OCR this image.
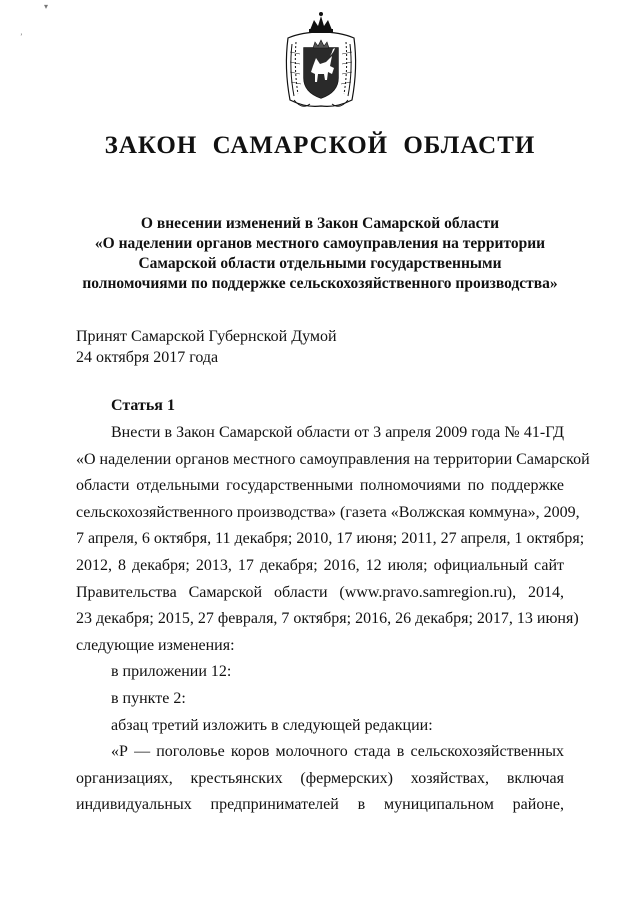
▾
ʼ
ЗАКОН САМАРСКОЙ ОБЛАСТИ
О внесении изменений в Закон Самарской области
«О наделении органов местного самоуправления на территории
Самарской области отдельными государственными
полномочиями по поддержке сельскохозяйственного производства»
Принят Самарской Губернской Думой
24 октября 2017 года
Статья 1
Внести в Закон Самарской области от 3 апреля 2009 года № 41-ГД
«О наделении органов местного самоуправления на территории Самарской
области отдельными государственными полномочиями по поддержке
сельскохозяйственного производства» (газета «Волжская коммуна», 2009,
7 апреля, 6 октября, 11 декабря; 2010, 17 июня; 2011, 27 апреля, 1 октября;
2012, 8 декабря; 2013, 17 декабря; 2016, 12 июля; официальный сайт
Правительства Самарской области (www.pravo.samregion.ru), 2014,
23 декабря; 2015, 27 февраля, 7 октября; 2016, 26 декабря; 2017, 13 июня)
следующие изменения:
в приложении 12:
в пункте 2:
абзац третий изложить в следующей редакции:
«Р — поголовье коров молочного стада в сельскохозяйственных
организациях, крестьянских (фермерских) хозяйствах, включая
индивидуальных предпринимателей в муниципальном районе,
